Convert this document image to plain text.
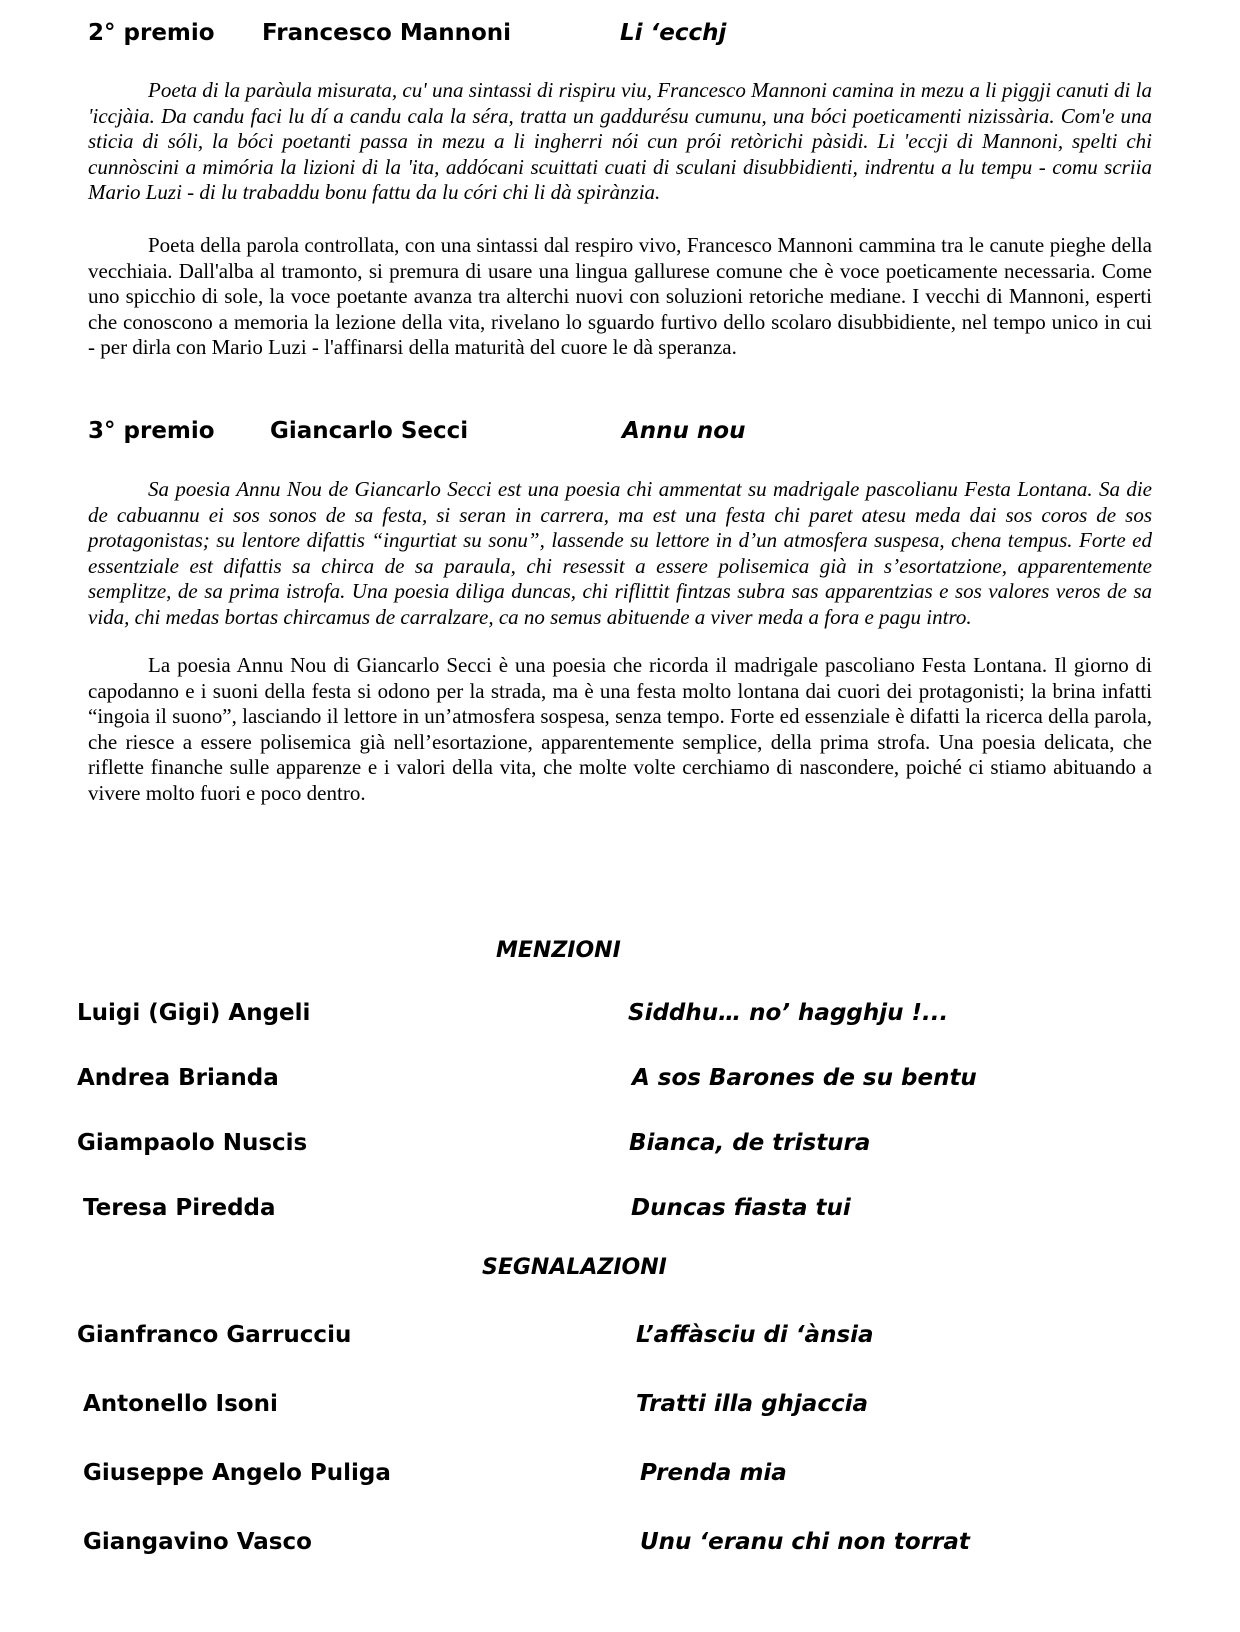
2° premio Francesco Mannoni	Li ‘ecchj

Poeta di la paràula misurata, cu' una sintassi di rispiru viu, Francesco Mannoni camina in mezu a li piggji canuti di la 'iccjàia. Da candu faci lu dí a candu cala la séra, tratta un gaddurésu cumunu, una bóci poeticamenti nizissària. Com'e una sticia di sóli, la bóci poetanti passa in mezu a li ingherri nói cun prói retòrichi pàsidi. Li 'eccji di Mannoni, spelti chi cunnòscini a mimória la lizioni di la 'ita, addócani scuittati cuati di sculani disubbidienti, indrentu a lu tempu - comu scriia Mario Luzi - di lu trabaddu bonu fattu da lu córi chi li dà spirànzia.

Poeta della parola controllata, con una sintassi dal respiro vivo, Francesco Mannoni cammina tra le canute pieghe della vecchiaia. Dall'alba al tramonto, si premura di usare una lingua gallurese comune che è voce poeticamente necessaria. Come uno spicchio di sole, la voce poetante avanza tra alterchi nuovi con soluzioni retoriche mediane. I vecchi di Mannoni, esperti che conoscono a memoria la lezione della vita, rivelano lo sguardo furtivo dello scolaro disubbidiente, nel tempo unico in cui - per dirla con Mario Luzi - l'affinarsi della maturità del cuore le dà speranza.

3° premio Giancarlo Secci	Annu nou

Sa poesia Annu Nou de Giancarlo Secci est una poesia chi ammentat su madrigale pascolianu Festa Lontana. Sa die de cabuannu ei sos sonos de sa festa, si seran in carrera, ma est una festa chi paret atesu meda dai sos coros de sos protagonistas; su lentore difattis “ingurtiat su sonu”, lassende su lettore in d’un atmosfera suspesa, chena tempus. Forte ed essentziale est difattis sa chirca de sa paraula, chi resessit a essere polisemica già in s’esortatzione, apparentemente semplitze, de sa prima istrofa. Una poesia diliga duncas, chi riflittit fintzas subra sas apparentzias e sos valores veros de sa vida, chi medas bortas chircamus de carralzare, ca no semus abituende a viver meda a fora e pagu intro.

La poesia Annu Nou di Giancarlo Secci è una poesia che ricorda il madrigale pascoliano Festa Lontana. Il giorno di capodanno e i suoni della festa si odono per la strada, ma è una festa molto lontana dai cuori dei protagonisti; la brina infatti “ingoia il suono”, lasciando il lettore in un’atmosfera sospesa, senza tempo. Forte ed essenziale è difatti la ricerca della parola, che riesce a essere polisemica già nell’esortazione, apparentemente semplice, della prima strofa. Una poesia delicata, che riflette finanche sulle apparenze e i valori della vita, che molte volte cerchiamo di nascondere, poiché ci stiamo abituando a vivere molto fuori e poco dentro.

MENZIONI
Luigi (Gigi) Angeli	Siddhu… no’ hagghju !...
Andrea Brianda	A sos Barones de su bentu
Giampaolo Nuscis	Bianca, de tristura
Teresa Piredda	Duncas fiasta tui
SEGNALAZIONI
Gianfranco Garrucciu	L’affàsciu di ‘ànsia
Antonello Isoni	Tratti illa ghjaccia
Giuseppe Angelo Puliga	Prenda mia
Giangavino Vasco	Unu ‘eranu chi non torrat
